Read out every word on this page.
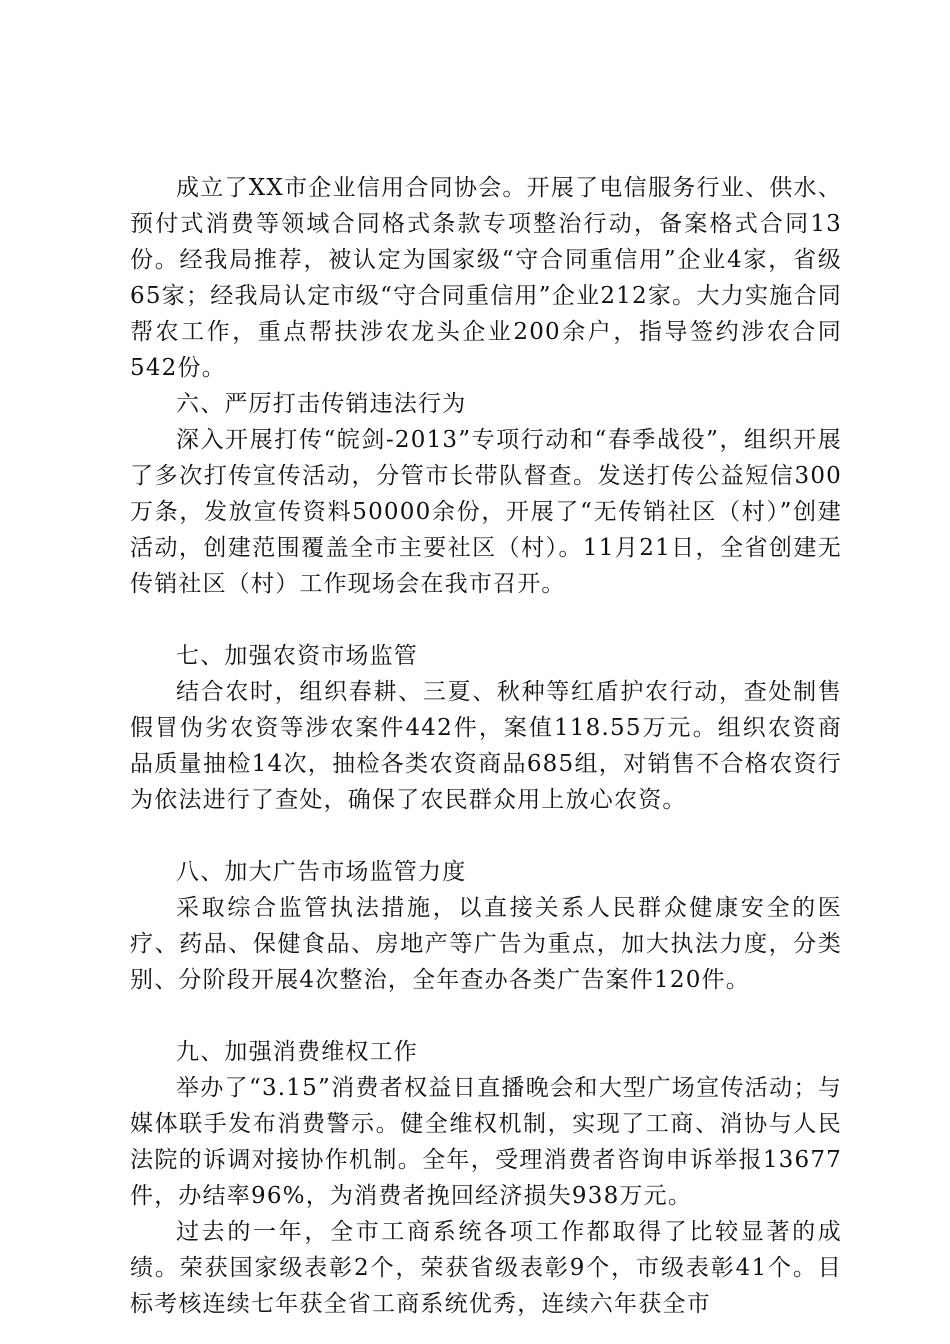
成立了XX市企业信用合同协会。开展了电信服务行业、供水、预付式消费等领域合同格式条款专项整治行动，备案格式合同13份。经我局推荐，被认定为国家级“守合同重信用”企业4家，省级65家；经我局认定市级“守合同重信用”企业212家。大力实施合同帮农工作，重点帮扶涉农龙头企业200余户，指导签约涉农合同542份。

六、严厉打击传销违法行为

深入开展打传“皖剑-2013”专项行动和“春季战役”，组织开展了多次打传宣传活动，分管市长带队督查。发送打传公益短信300万条，发放宣传资料50000余份，开展了“无传销社区（村）”创建活动，创建范围覆盖全市主要社区（村）。11月21日，全省创建无传销社区（村）工作现场会在我市召开。

七、加强农资市场监管

结合农时，组织春耕、三夏、秋种等红盾护农行动，查处制售假冒伪劣农资等涉农案件442件，案值118.55万元。组织农资商品质量抽检14次，抽检各类农资商品685组，对销售不合格农资行为依法进行了查处，确保了农民群众用上放心农资。

八、加大广告市场监管力度

采取综合监管执法措施，以直接关系人民群众健康安全的医疗、药品、保健食品、房地产等广告为重点，加大执法力度，分类别、分阶段开展4次整治，全年查办各类广告案件120件。

九、加强消费维权工作

举办了“3.15”消费者权益日直播晚会和大型广场宣传活动；与媒体联手发布消费警示。健全维权机制，实现了工商、消协与人民法院的诉调对接协作机制。全年，受理消费者咨询申诉举报13677件，办结率96%，为消费者挽回经济损失938万元。

过去的一年，全市工商系统各项工作都取得了比较显著的成绩。荣获国家级表彰2个，荣获省级表彰9个，市级表彰41个。目标考核连续七年获全省工商系统优秀，连续六年获全市
